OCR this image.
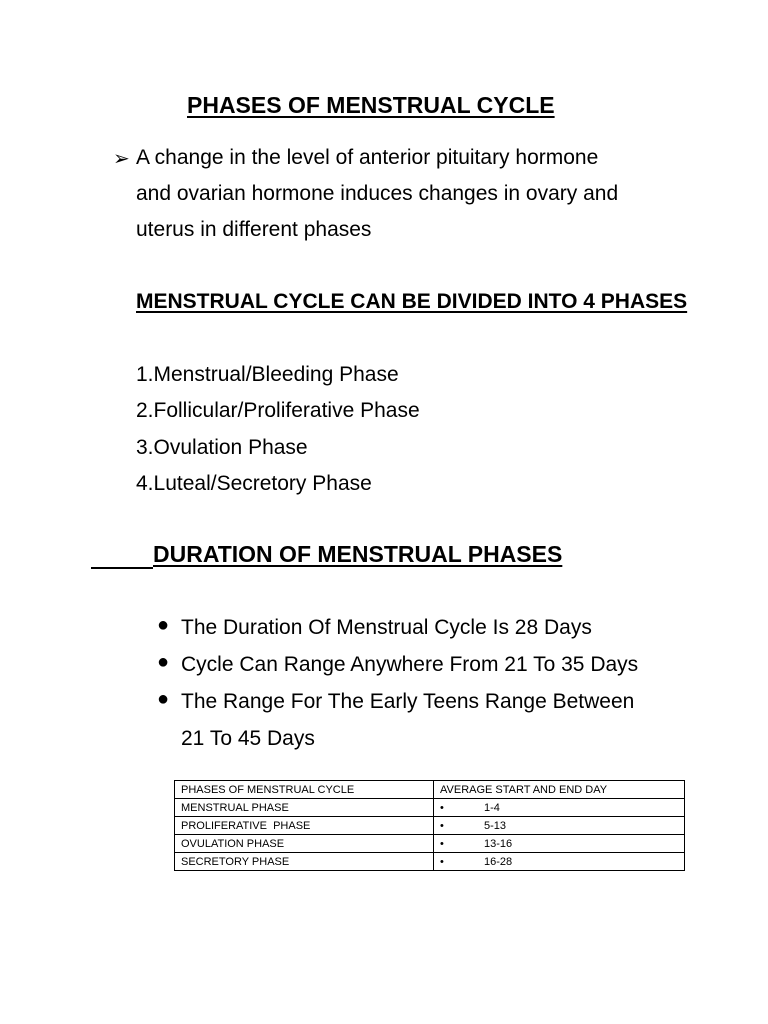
PHASES OF MENSTRUAL CYCLE
➢ A change in the level of anterior pituitary hormone
and ovarian hormone induces changes in ovary and
uterus in different phases
MENSTRUAL CYCLE CAN BE DIVIDED INTO 4 PHASES
1.Menstrual/Bleeding Phase
2.Follicular/Proliferative Phase
3.Ovulation Phase
4.Luteal/Secretory Phase
DURATION OF MENSTRUAL PHASES
● The Duration Of Menstrual Cycle Is 28 Days
● Cycle Can Range Anywhere From 21 To 35 Days
● The Range For The Early Teens Range Between
21 To 45 Days
PHASES OF MENSTRUAL CYCLE	AVERAGE START AND END DAY
MENSTRUAL PHASE	• 1-4
PROLIFERATIVE  PHASE	• 5-13
OVULATION PHASE	• 13-16
SECRETORY PHASE	• 16-28
